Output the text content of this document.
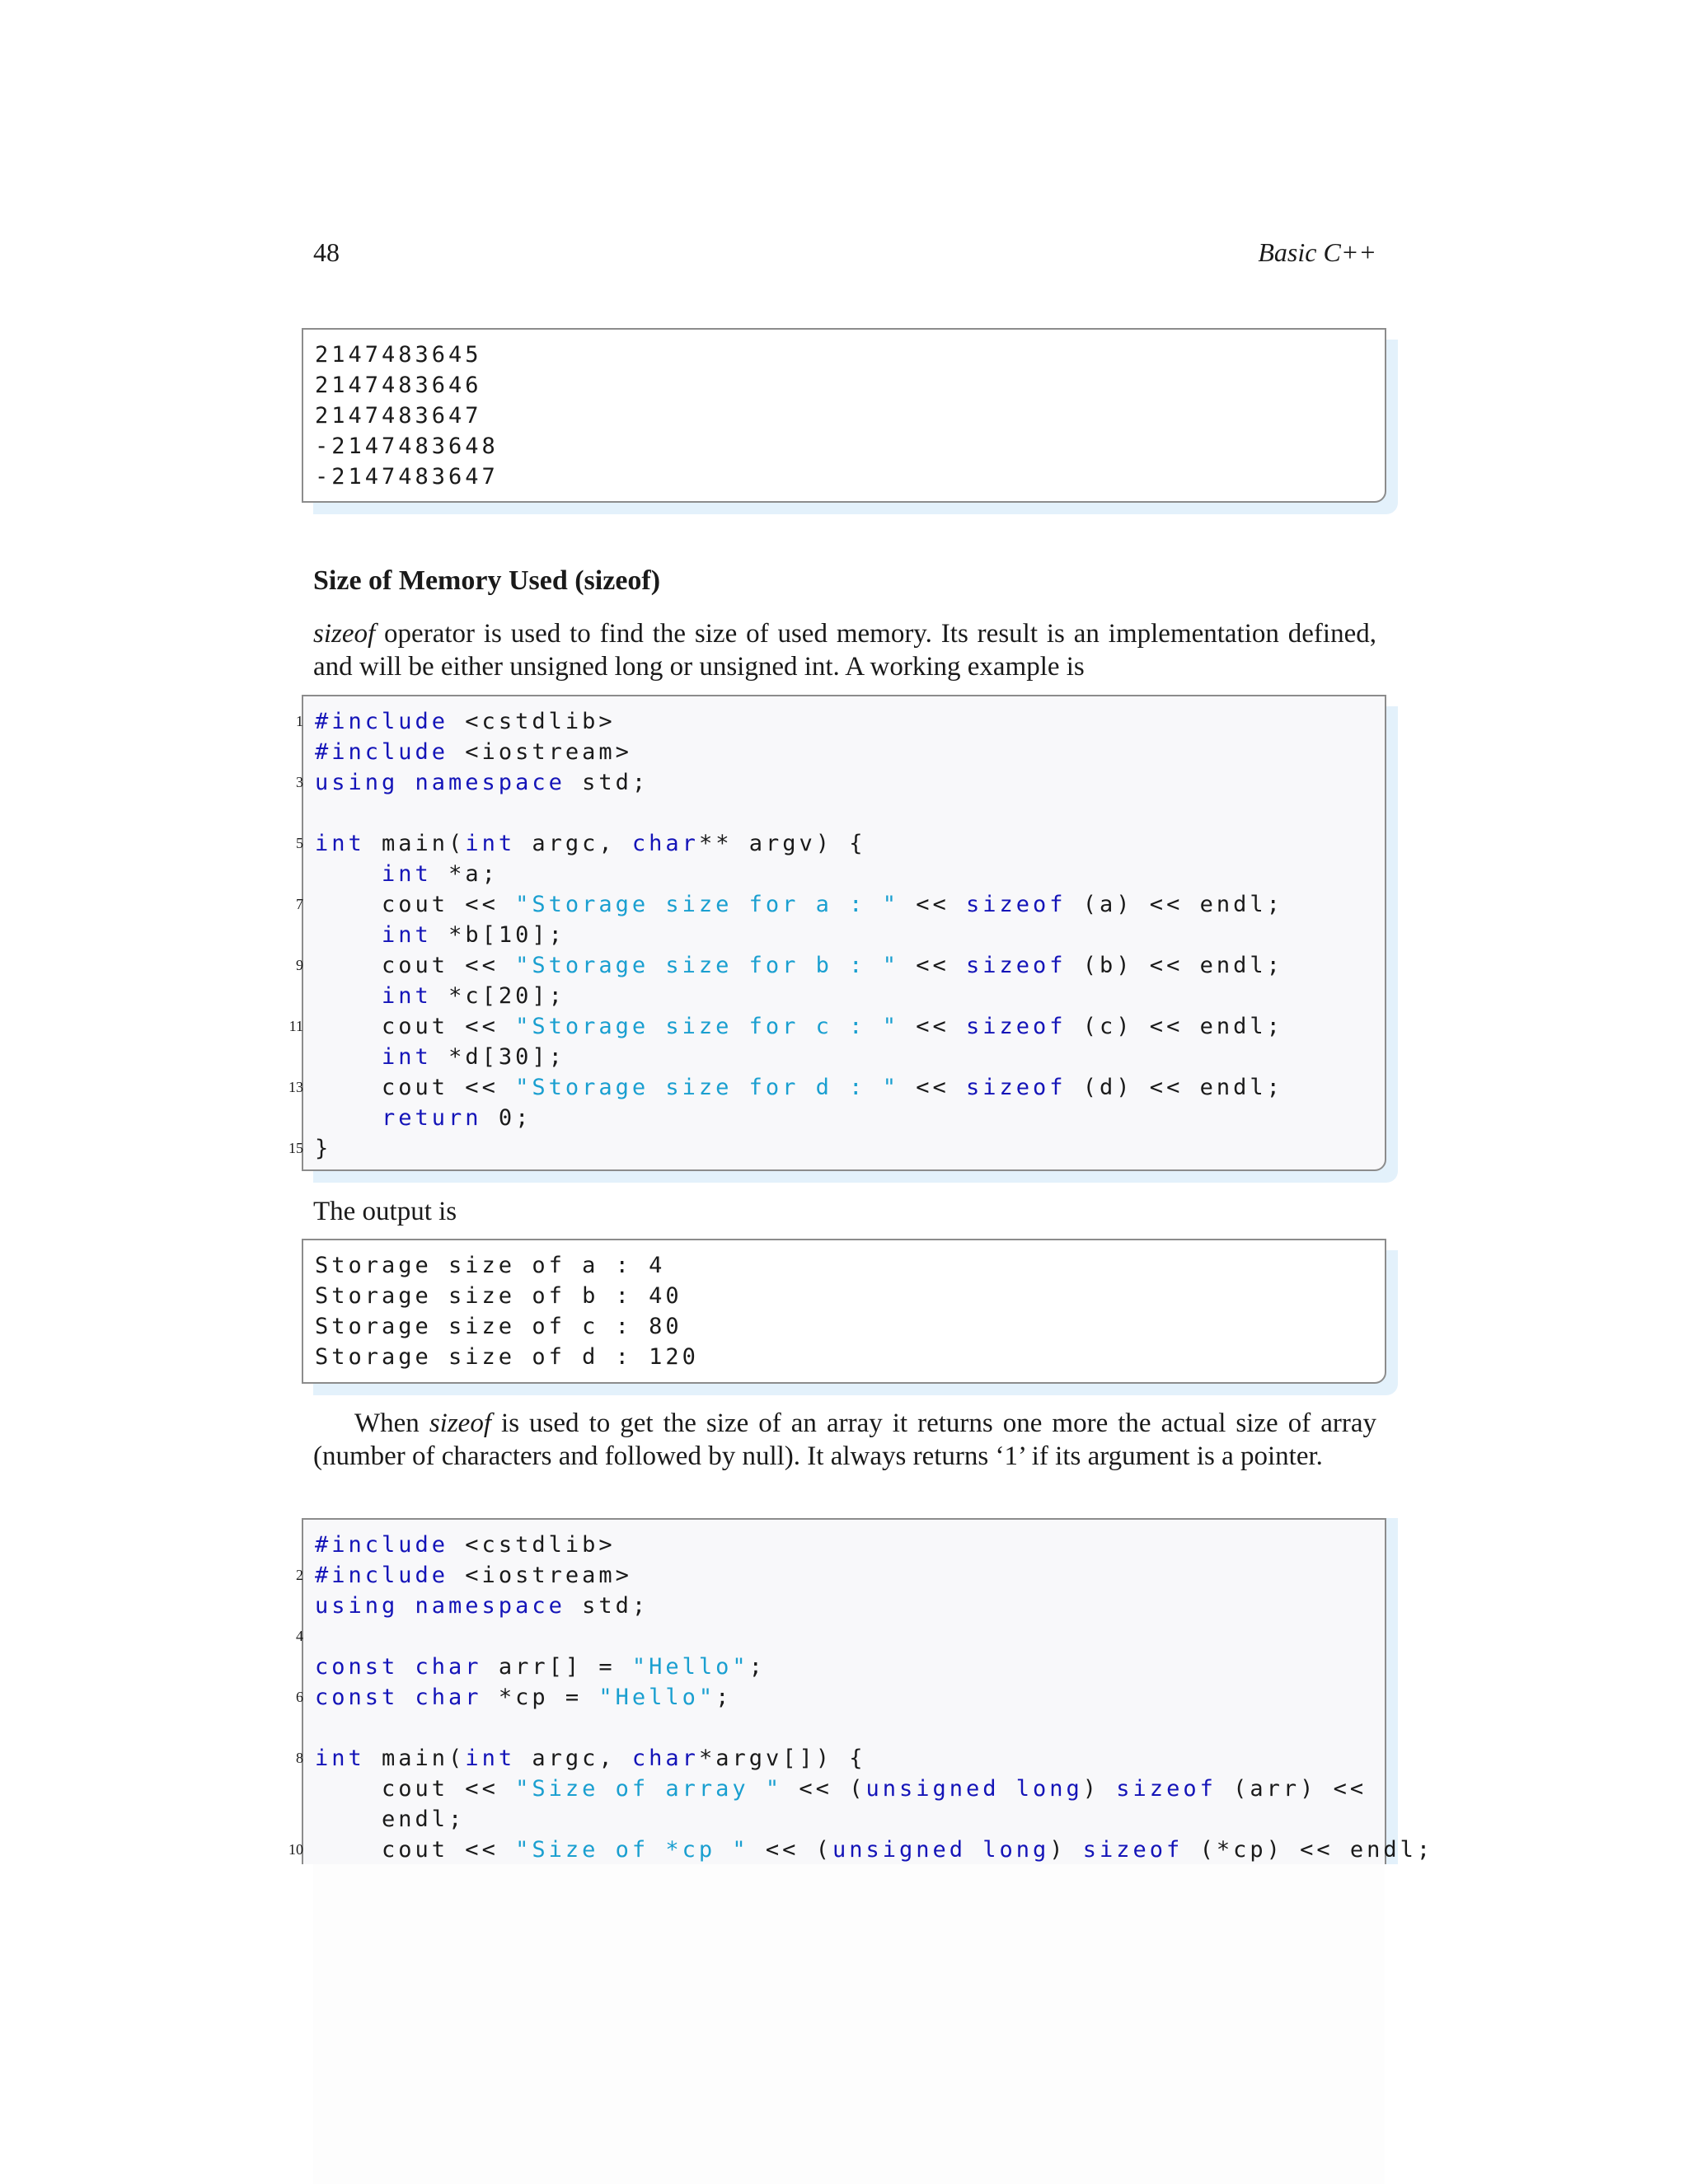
48	Basic C++
2147483645
2147483646
2147483647
-2147483648
-2147483647
Size of Memory Used (sizeof)
sizeof operator is used to find the size of used memory. Its result is an implementation defined, and will be either unsigned long or unsigned int. A working example is
1 #include <cstdlib>
#include <iostream>
3 using namespace std;
5 int main(int argc, char** argv) {
int *a;
7	cout << "Storage size for a : " << sizeof (a) << endl;
int *b[10];
9	cout << "Storage size for b : " << sizeof (b) << endl;
int *c[20];
11	cout << "Storage size for c : " << sizeof (c) << endl;
int *d[30];
13	cout << "Storage size for d : " << sizeof (d) << endl;
return 0;
15 }
The output is
Storage size of a : 4
Storage size of b : 40
Storage size of c : 80
Storage size of d : 120
When sizeof is used to get the size of an array it returns one more the actual size of array (number of characters and followed by null). It always returns ‘1’ if its argument is a pointer.
#include <cstdlib>
2 #include <iostream>
using namespace std;
4
const char arr[] = "Hello";
6 const char *cp = "Hello";
8 int main(int argc, char*argv[]) {
cout << "Size of array " << (unsigned long) sizeof (arr) <<
endl;
10	cout << "Size of *cp " << (unsigned long) sizeof (*cp) << endl;
